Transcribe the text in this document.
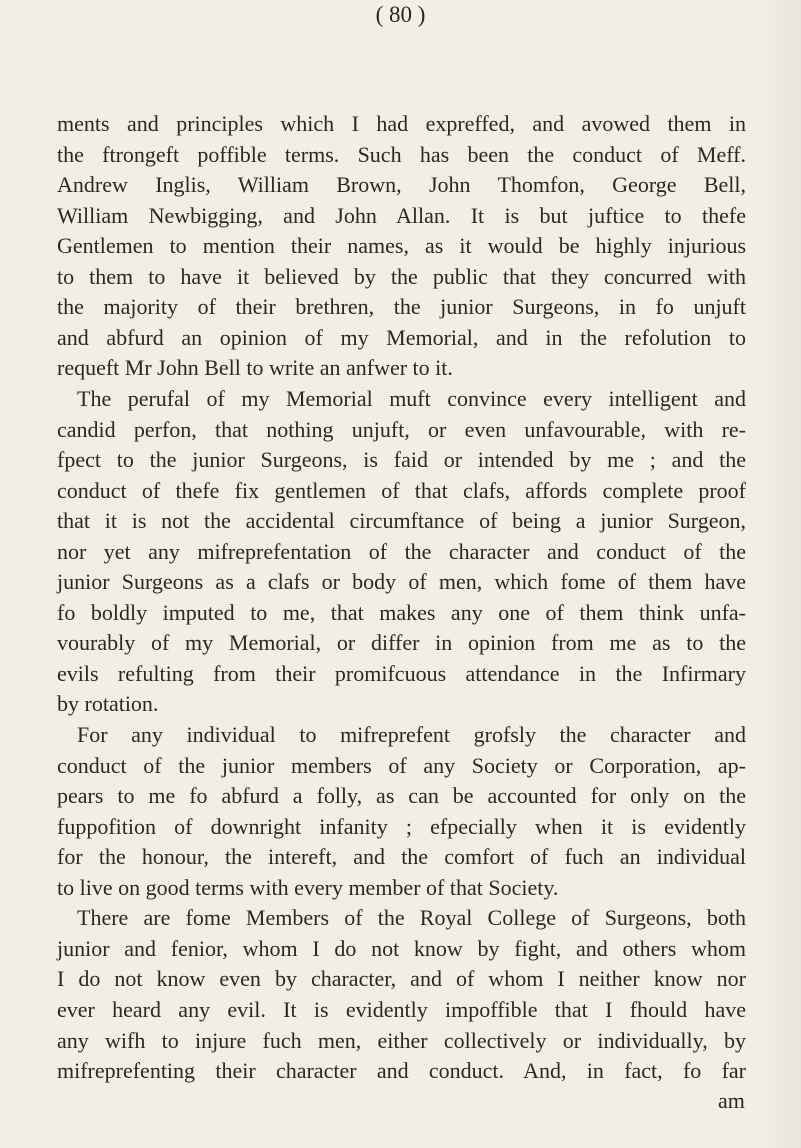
( 80 )
ments and principles which I had expreffed, and avowed them in
the ftrongeft poffible terms. Such has been the conduct of Meff.
Andrew Inglis, William Brown, John Thomfon, George Bell,
William Newbigging, and John Allan. It is but juftice to thefe
Gentlemen to mention their names, as it would be highly injurious
to them to have it believed by the public that they concurred with
the majority of their brethren, the junior Surgeons, in fo unjuft
and abfurd an opinion of my Memorial, and in the refolution to
requeft Mr John Bell to write an anfwer to it.
The perufal of my Memorial muft convince every intelligent and
candid perfon, that nothing unjuft, or even unfavourable, with re-
fpect to the junior Surgeons, is faid or intended by me ; and the
conduct of thefe fix gentlemen of that clafs, affords complete proof
that it is not the accidental circumftance of being a junior Surgeon,
nor yet any mifreprefentation of the character and conduct of the
junior Surgeons as a clafs or body of men, which fome of them have
fo boldly imputed to me, that makes any one of them think unfa-
vourably of my Memorial, or differ in opinion from me as to the
evils refulting from their promifcuous attendance in the Infirmary
by rotation.
For any individual to mifreprefent grofsly the character and
conduct of the junior members of any Society or Corporation, ap-
pears to me fo abfurd a folly, as can be accounted for only on the
fuppofition of downright infanity ; efpecially when it is evidently
for the honour, the intereft, and the comfort of fuch an individual
to live on good terms with every member of that Society.
There are fome Members of the Royal College of Surgeons, both
junior and fenior, whom I do not know by fight, and others whom
I do not know even by character, and of whom I neither know nor
ever heard any evil. It is evidently impoffible that I fhould have
any wifh to injure fuch men, either collectively or individually, by
mifreprefenting their character and conduct. And, in fact, fo far
am
